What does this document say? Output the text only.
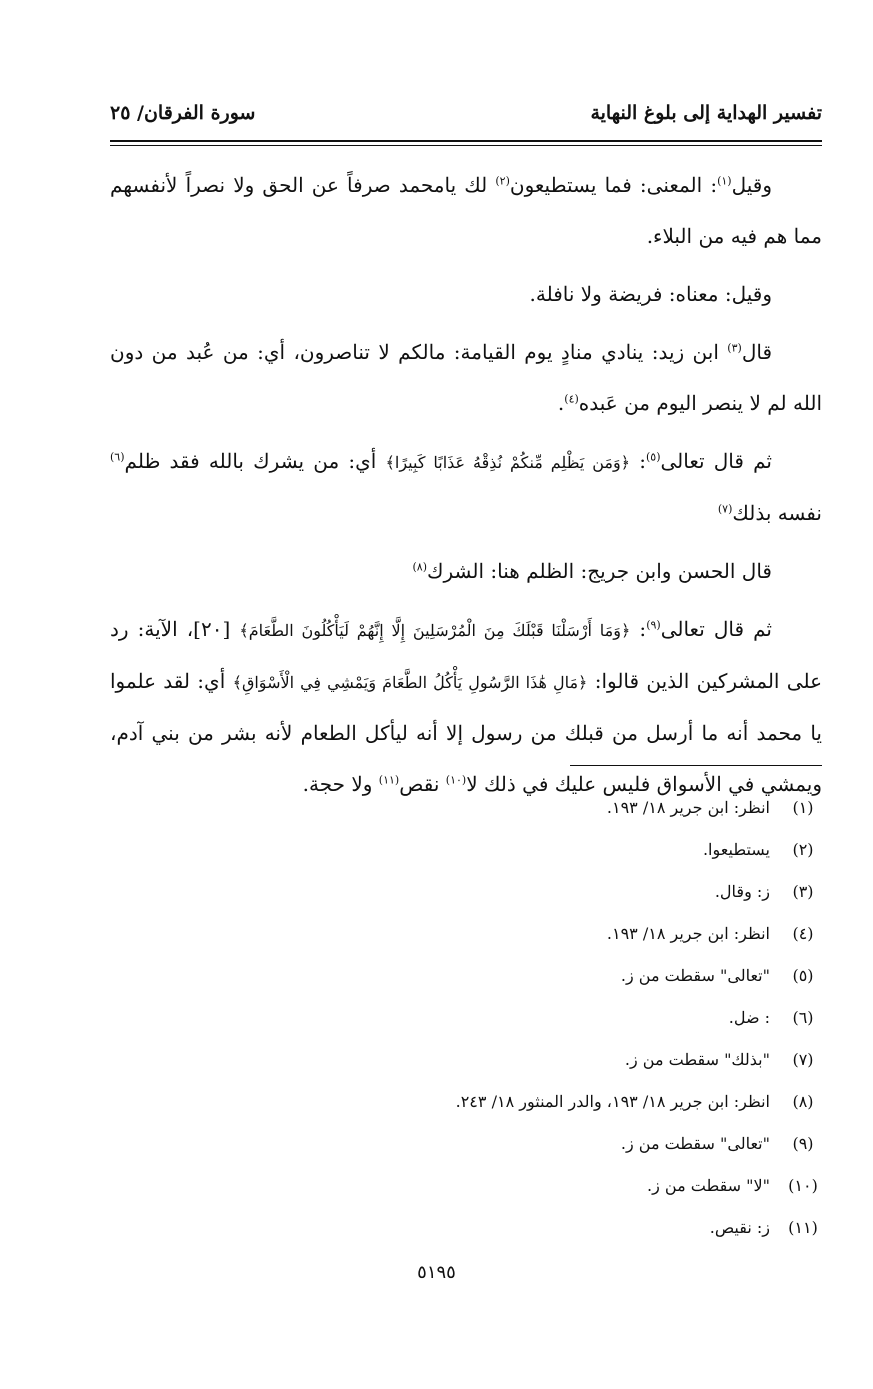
تفسير الهداية إلى بلوغ النهاية
سورة الفرقان/ ٢٥

وقيل$^{(١)}$: المعنى: فما يستطيعون$^{(٢)}$ لك يامحمد صرفاً عن الحق ولا نصراً لأنفسهم مما هم فيه من البلاء.

وقيل: معناه: فريضة ولا نافلة.

قال$^{(٣)}$ ابن زيد: ينادي منادٍ يوم القيامة: مالكم لا تناصرون، أي: من عُبد من دون الله لم لا ينصر اليوم من عَبده$^{(٤)}$.

ثم قال تعالى$^{(٥)}$: ﴿وَمَن يَظْلِم مِّنكُمْ نُذِقْهُ عَذَابًا كَبِيرًا﴾ أي: من يشرك بالله فقد ظلم$^{(٦)}$ نفسه بذلك$^{(٧)}$

قال الحسن وابن جريج: الظلم هنا: الشرك$^{(٨)}$

ثم قال تعالى$^{(٩)}$: ﴿وَمَا أَرْسَلْنَا قَبْلَكَ مِنَ الْمُرْسَلِينَ إِلَّا إِنَّهُمْ لَيَأْكُلُونَ الطَّعَامَ﴾ [٢٠]، الآية: رد على المشركين الذين قالوا: ﴿مَالِ هَٰذَا الرَّسُولِ يَأْكُلُ الطَّعَامَ وَيَمْشِي فِي الْأَسْوَاقِ﴾ أي: لقد علموا يا محمد أنه ما أرسل من قبلك من رسول إلا أنه ليأكل الطعام لأنه بشر من بني آدم، ويمشي في الأسواق فليس عليك في ذلك لا$^{(١٠)}$ نقص$^{(١١)}$ ولا حجة.

(١)
انظر: ابن جرير ١٨/ ١٩٣.
(٢)
يستطيعوا.
(٣)
ز: وقال.
(٤)
انظر: ابن جرير ١٨/ ١٩٣.
(٥)
"تعالى" سقطت من ز.
(٦)
: ضل.
(٧)
"بذلك" سقطت من ز.
(٨)
انظر: ابن جرير ١٨/ ١٩٣، والدر المنثور ١٨/ ٢٤٣.
(٩)
"تعالى" سقطت من ز.
(١٠)
"لا" سقطت من ز.
(١١)
ز: نقيص.
٥١٩٥
